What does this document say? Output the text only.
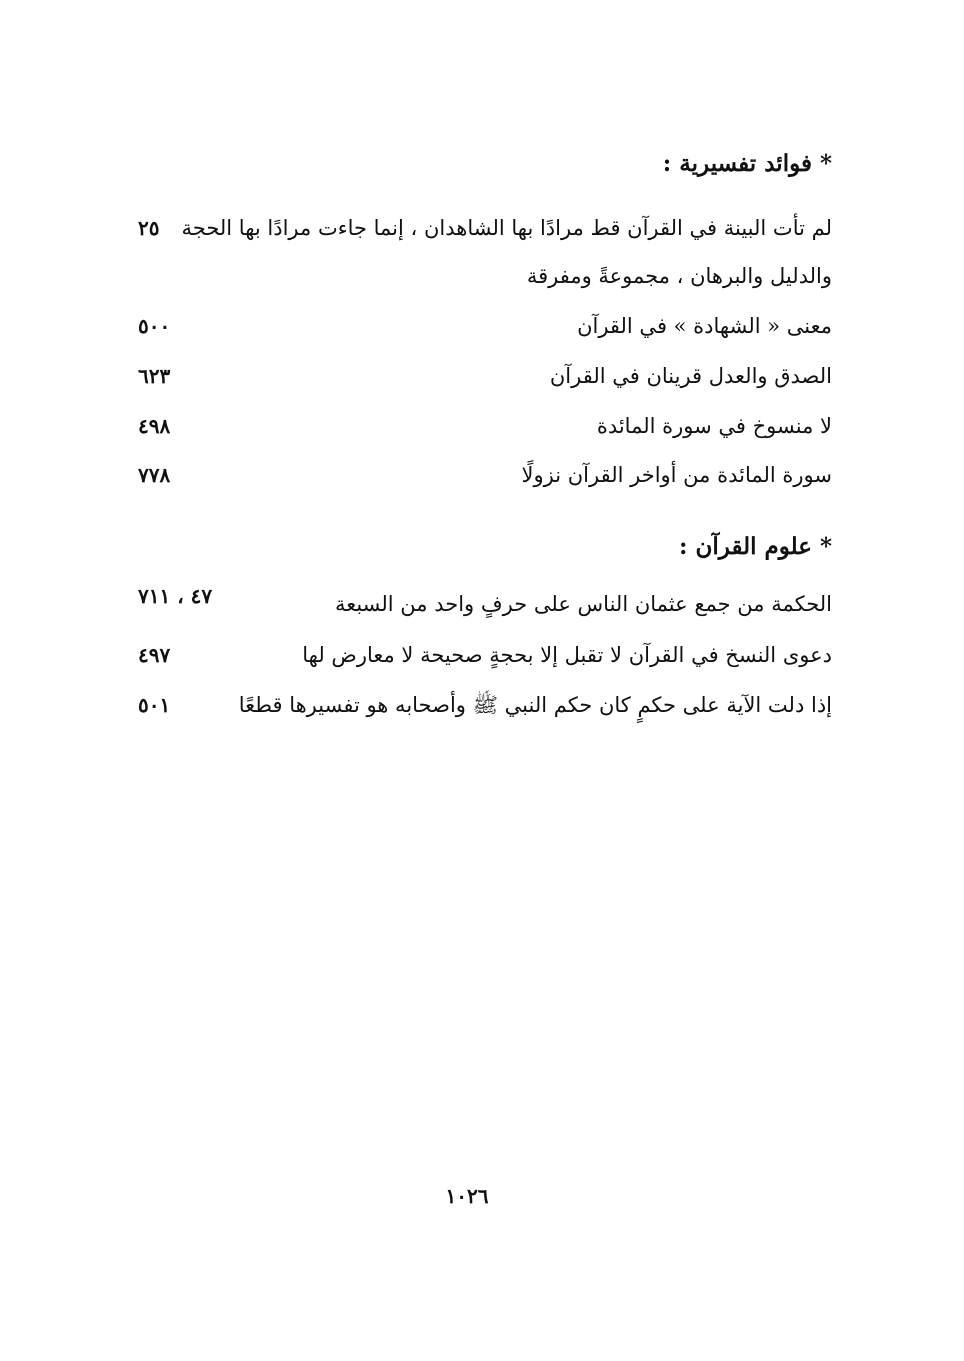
* فوائد تفسيرية :
لم تأت البينة في القرآن قط مرادًا بها الشاهدان ، إنما جاءت مرادًا بها الحجة
٢٥
والدليل والبرهان ، مجموعةً ومفرقة
معنى « الشهادة » في القرآن
٥٠٠
الصدق والعدل قرينان في القرآن
٦٢٣
لا منسوخ في سورة المائدة
٤٩٨
سورة المائدة من أواخر القرآن نزولًا
٧٧٨
* علوم القرآن :
الحكمة من جمع عثمان الناس على حرفٍ واحد من السبعة
٤٧ ، ٧١١
دعوى النسخ في القرآن لا تقبل إلا بحجةٍ صحيحة لا معارض لها
٤٩٧
إذا دلت الآية على حكمٍ كان حكم النبي ﷺ وأصحابه هو تفسيرها قطعًا
٥٠١
١٠٢٦
